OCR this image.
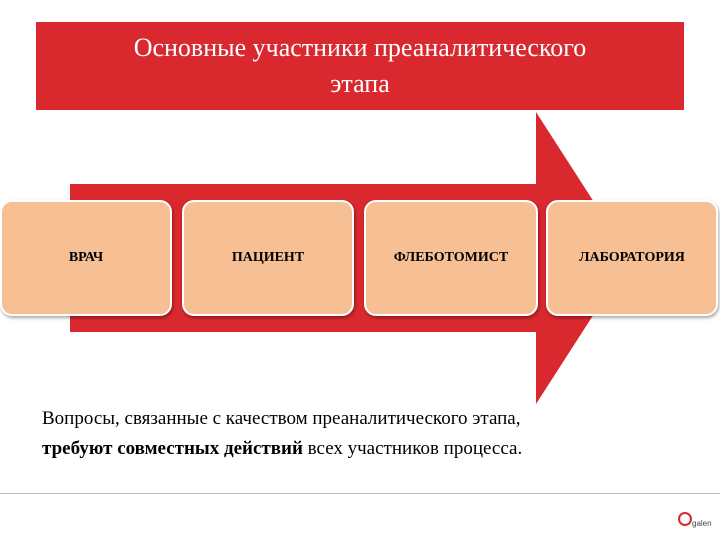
Основные участники преаналитического
этапа
ВРАЧ	ПАЦИЕНТ	ФЛЕБОТОМИСТ	ЛАБОРАТОРИЯ
Вопросы, связанные с качеством преаналитического этапа,
требуют совместных действий всех участников процесса.
galen
